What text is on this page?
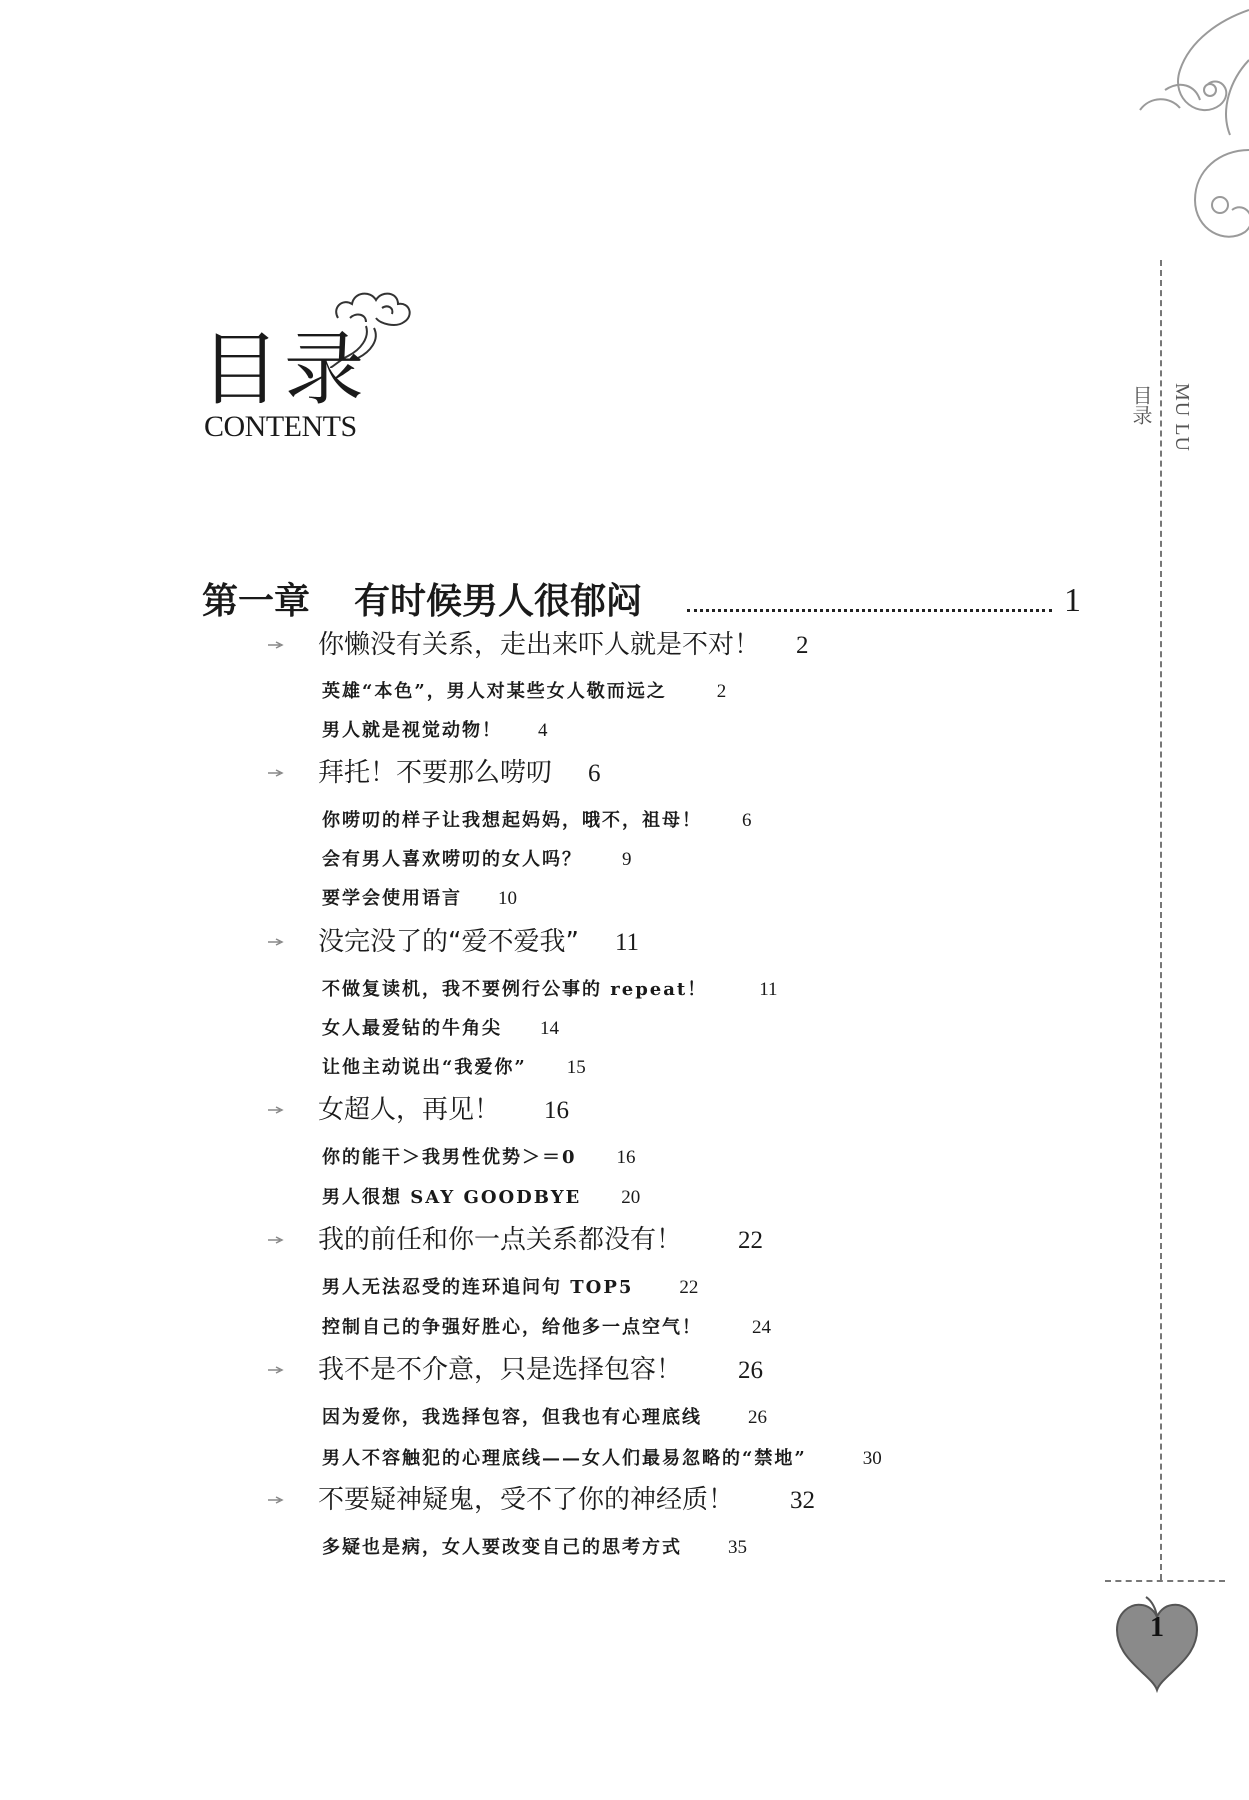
目录
CONTENTS
目录 MU LU
1
第一章 有时候男人很郁闷	1
你懒没有关系，走出来吓人就是不对！ 2
英雄“本色”，男人对某些女人敬而远之	2
男人就是视觉动物！ 4
拜托！不要那么唠叨 6
你唠叨的样子让我想起妈妈，哦不，祖母！ 6
会有男人喜欢唠叨的女人吗？ 9
要学会使用语言 10
没完没了的“爱不爱我” 11
不做复读机，我不要例行公事的 repeat！	11
女人最爱钻的牛角尖 14
让他主动说出“我爱你” 15
女超人，再见！ 16
你的能干＞我男性优势＞＝0 16
男人很想 SAY GOODBYE 20
我的前任和你一点关系都没有！ 22
男人无法忍受的连环追问句 TOP5 22
控制自己的争强好胜心，给他多一点空气！	24
我不是不介意，只是选择包容！ 26
因为爱你，我选择包容，但我也有心理底线 26
男人不容触犯的心理底线——女人们最易忽略的“禁地”	30
不要疑神疑鬼，受不了你的神经质！ 32
多疑也是病，女人要改变自己的思考方式 35
